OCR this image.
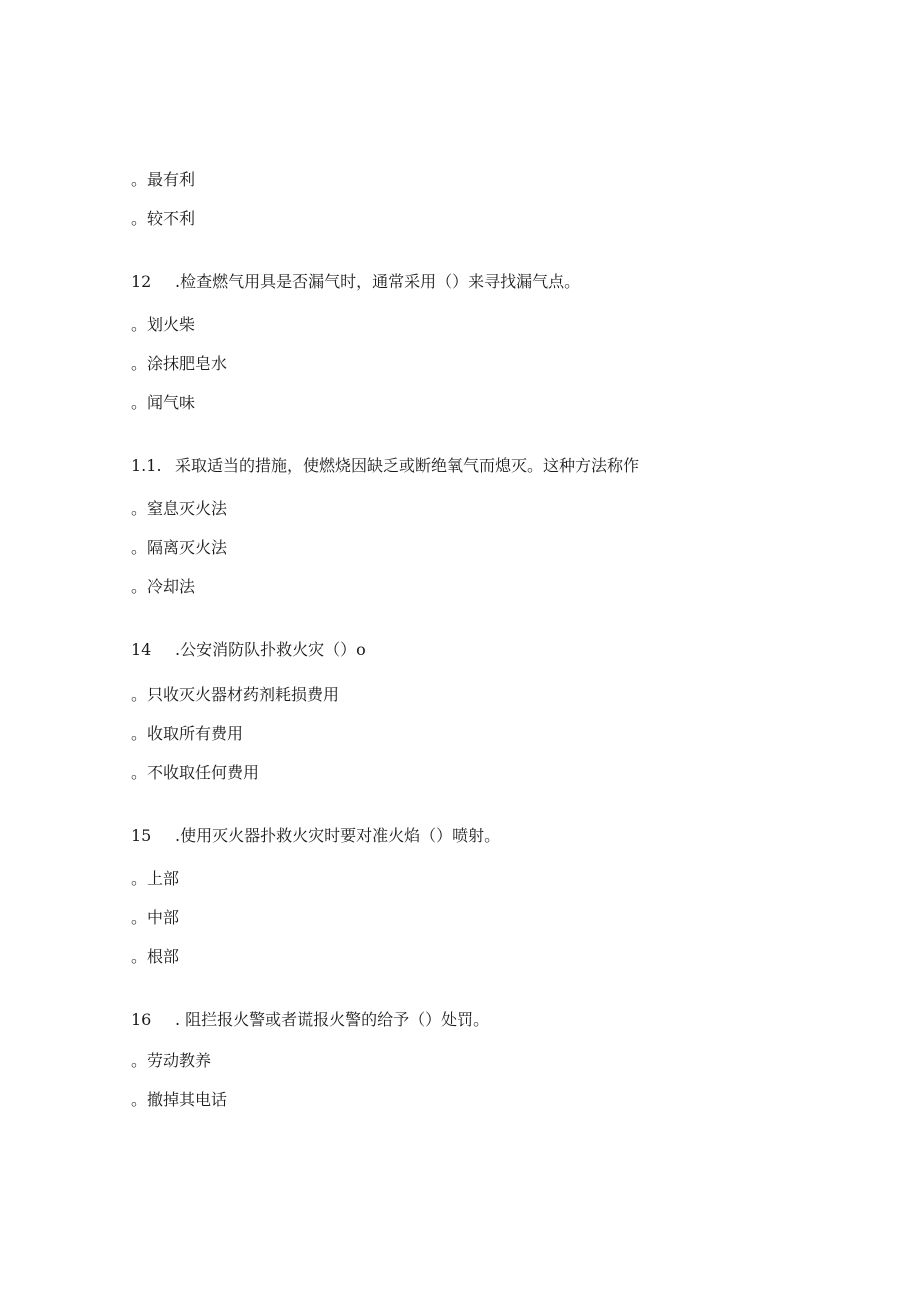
。最有利
。较不利
12 .检查燃气用具是否漏气时，通常采用（）来寻找漏气点。
。划火柴
。涂抹肥皂水
。闻气味
1.1. 采取适当的措施，使燃烧因缺乏或断绝氧气而熄灭。这种方法称作
。窒息灭火法
。隔离灭火法
。冷却法
14 .公安消防队扑救火灾（）o
。只收灭火器材药剂耗损费用
。收取所有费用
。不收取任何费用
15 .使用灭火器扑救火灾时要对准火焰（）喷射。
。上部
。中部
。根部
16 . 阻拦报火警或者谎报火警的给予（）处罚。
。劳动教养
。撤掉其电话
